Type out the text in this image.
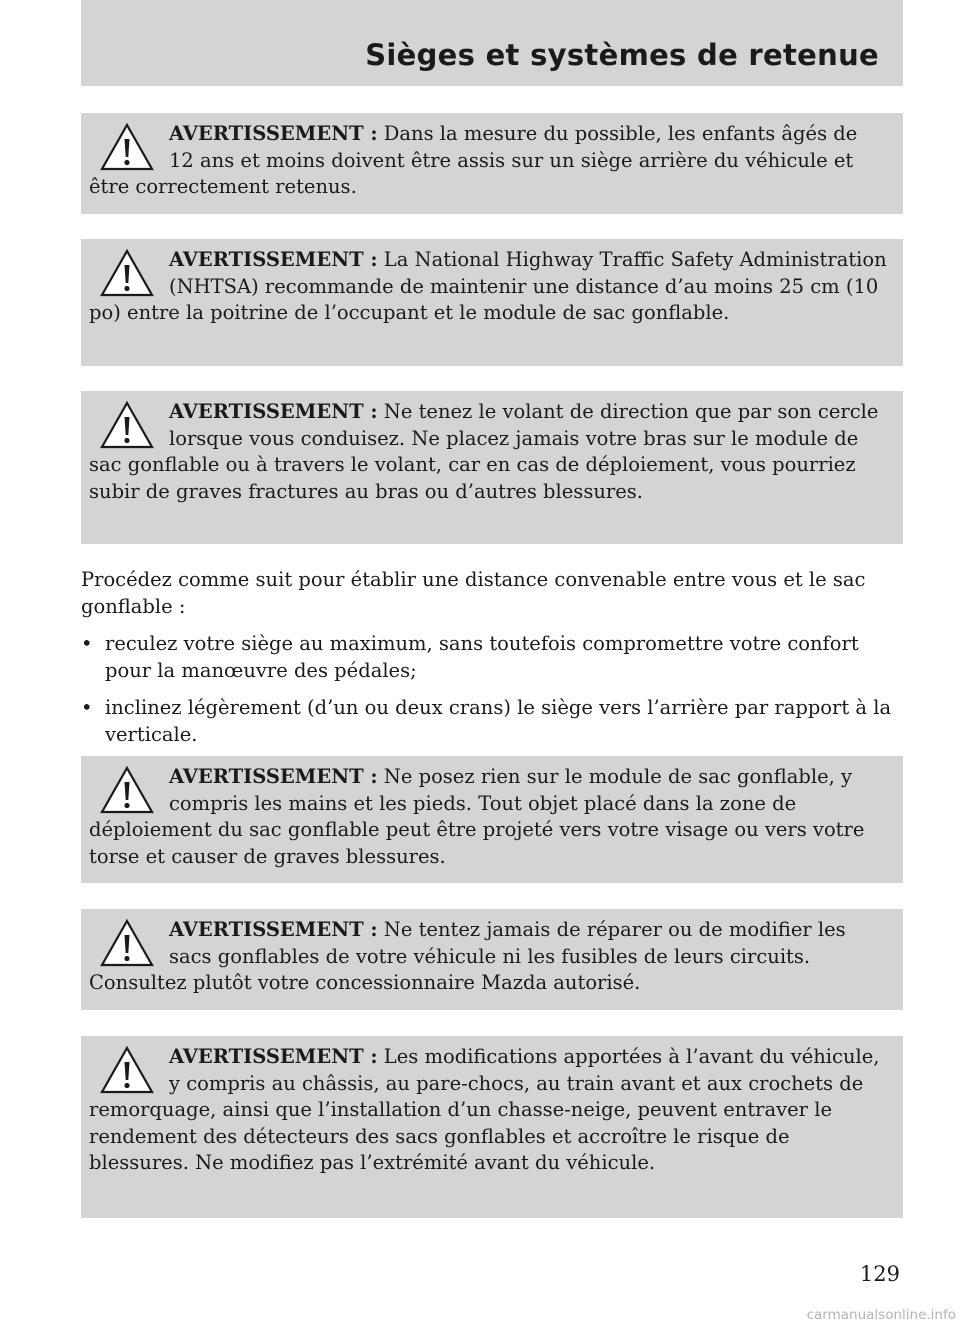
Sièges et systèmes de retenue
AVERTISSEMENT : Dans la mesure du possible, les enfants âgés de 12 ans et moins doivent être assis sur un siège arrière du véhicule et être correctement retenus.
AVERTISSEMENT : La National Highway Traffic Safety Administration (NHTSA) recommande de maintenir une distance d’au moins 25 cm (10 po) entre la poitrine de l’occupant et le module de sac gonflable.
AVERTISSEMENT : Ne tenez le volant de direction que par son cercle lorsque vous conduisez. Ne placez jamais votre bras sur le module de sac gonflable ou à travers le volant, car en cas de déploiement, vous pourriez subir de graves fractures au bras ou d’autres blessures.

Procédez comme suit pour établir une distance convenable entre vous et le sac gonflable :

• reculez votre siège au maximum, sans toutefois compromettre votre confort pour la manœuvre des pédales;
• inclinez légèrement (d’un ou deux crans) le siège vers l’arrière par rapport à la verticale.
AVERTISSEMENT : Ne posez rien sur le module de sac gonflable, y compris les mains et les pieds. Tout objet placé dans la zone de déploiement du sac gonflable peut être projeté vers votre visage ou vers votre torse et causer de graves blessures.
AVERTISSEMENT : Ne tentez jamais de réparer ou de modifier les sacs gonflables de votre véhicule ni les fusibles de leurs circuits. Consultez plutôt votre concessionnaire Mazda autorisé.
AVERTISSEMENT : Les modifications apportées à l’avant du véhicule, y compris au châssis, au pare-chocs, au train avant et aux crochets de remorquage, ainsi que l’installation d’un chasse-neige, peuvent entraver le rendement des détecteurs des sacs gonflables et accroître le risque de blessures. Ne modifiez pas l’extrémité avant du véhicule.
129
carmanualsonline.info
